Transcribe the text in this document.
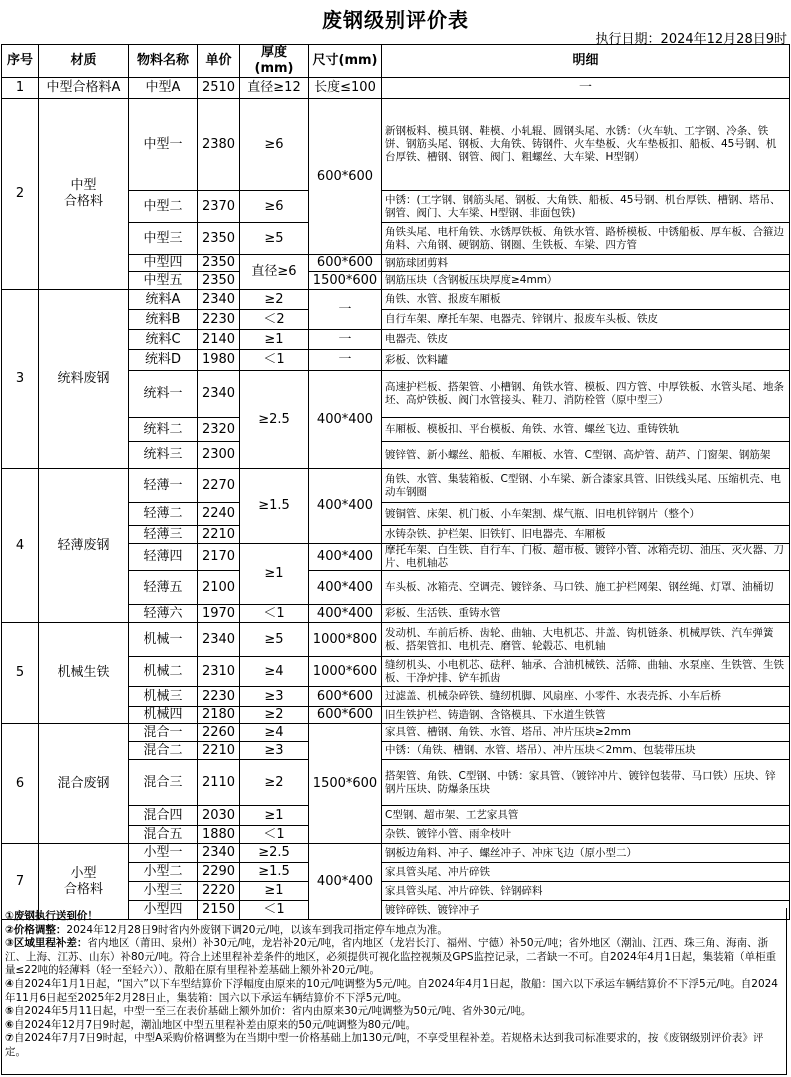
废钢级别评价表
执行日期：2024年12月28日9时
序号	材质	物料名称	单价	厚度(mm)	尺寸(mm)	明细
1	中型合格料A	中型A	2510	直径≥12	长度≤100	一
2	中型
合格料	中型一	2380	≥6	600*600	新钢板料、模具钢、鞋模、小轧辊、圆钢头尾、水锈：（火车轨、工字钢、冷条、铁饼、钢筋头尾、钢板、大角铁、铸钢件、火车垫板、火车垫板扣、船板、45号钢、机台厚铁、槽钢、钢管、阀门、粗螺丝、大车梁、H型钢）
		中型二	2370	≥6		中锈：(工字钢、钢筋头尾、钢板、大角铁、船板、45号钢、机台厚铁、槽钢、塔吊、钢管、阀门、大车梁、H型钢、非面包铁)
		中型三	2350	≥5		角铁头尾、电杆角铁、水锈厚铁板、角铁水管、路桥模板、中锈船板、厚车板、合箍边角料、六角钢、硬钢筋、钢圈、生铁板、车梁、四方管
		中型四	2350	直径≥6	600*600	钢筋球团剪料
		中型五	2350		1500*600	钢筋压块（含钢板压块厚度≥4mm）
3	统料废钢	统料A	2340	≥2	一	角铁、水管、报废车厢板
		统料B	2230	＜2		自行车架、摩托车架、电器壳、锌钢片、报废车头板、铁皮
		统料C	2140	≥1	一	电器壳、铁皮
		统料D	1980	＜1	一	彩板、饮料罐
		统料一	2340	≥2.5	400*400	高速护栏板、搭架管、小槽钢、角铁水管、模板、四方管、中厚铁板、水管头尾、地条坯、高炉铁板、阀门水管接头、鞋刀、消防栓管（原中型三）

		统料二	2320			车厢板、模板扣、平台模板、角铁、水管、螺丝飞边、重铸铁轨
		统料三	2300			镀锌管、新小螺丝、船板、车厢板、水管、C型钢、高炉管、葫芦、门窗架、钢筋架
4	轻薄废钢	轻薄一	2270	≥1.5	400*400	角铁、水管、集装箱板、C型钢、小车梁、新合漆家具管、旧铁线头尾、压缩机壳、电动车钢圈
		轻薄二	2240			镀铜管、床架、机门板、小车架割、煤气瓶、旧电机锌钢片（整个）
		轻薄三	2210			水铸杂铁、护栏架、旧铁钉、旧电器壳、车厢板
		轻薄四	2170	≥1	400*400	摩托车架、白生铁、自行车、门板、超市板、镀锌小管、冰箱壳切、油压、灭火器、刀片、电机轴芯
		轻薄五	2100		400*400	车头板、冰箱壳、空调壳、镀锌条、马口铁、施工护栏网架、钢丝绳、灯罩、油桶切
		轻薄六	1970	＜1	400*400	彩板、生活铁、重铸水管
5	机械生铁	机械一	2340	≥5	1000*800	发动机、车前后桥、齿轮、曲轴、大电机芯、井盖、钩机链条、机械厚铁、汽车弹簧板、搭架管扣、电机壳、磨管、轮毂芯、电机轴
		机械二	2310	≥4	1000*600	缝纫机头、小电机芯、砝秤、轴承、合油机械铁、活筛、曲轴、水泵座、生铁管、生铁板、干净炉排、铲车抓齿
		机械三	2230	≥3	600*600	过滤盖、机械杂碎铁、缝纫机脚、风扇座、小零件、水表壳拆、小车后桥
		机械四	2180	≥2	600*600	旧生铁护栏、铸造钢、含铬模具、下水道生铁管
6	混合废钢	混合一	2260	≥4	1500*600	家具管、槽钢、角铁、水管、塔吊、冲片压块≥2mm
		混合二	2210	≥3		中锈：（角铁、槽钢、水管、塔吊）、冲片压块＜2mm、包装带压块
		混合三	2110	≥2		搭架管、角铁、C型钢、中锈：家具管、（镀锌冲片、镀锌包装带、马口铁）压块、锌钢片压块、防爆条压块
		混合四	2030	≥1		C型钢、超市架、工艺家具管
		混合五	1880	＜1		杂铁、镀锌小管、雨伞枝叶
7	小型
合格料	小型一	2340	≥2.5	400*400	钢板边角料、冲子、螺丝冲子、冲床飞边（原小型二）
		小型二	2290	≥1.5		家具管头尾、冲片碎铁
		小型三	2220	≥1		家具管头尾、冲片碎铁、锌钢碎料
		小型四	2150	＜1		镀锌碎铁、镀锌冲子
①废钢执行送到价！
②价格调整：2024年12月28日9时省内外废钢下调20元/吨，以该车到我司指定停车地点为准。
③区域里程补差：省内地区（莆田、泉州）补30元/吨，龙岩补20元/吨，省内地区（龙岩长汀、福州、宁德）补50元/吨；省外地区（潮汕、江西、珠三角、海南、浙江、上海、江苏、山东）补80元/吨。符合上述里程补差条件的地区，必须提供可视化监控视频及GPS监控记录，二者缺一不可。自2024年4月1日起，集装箱（单柜重量≤22吨的轻薄料（轻一至轻六））、散船在原有里程补差基础上额外补20元/吨。
④自2024年1月1日起，“国六”以下车型结算价下浮幅度由原来的10元/吨调整为5元/吨。自2024年4月1日起，散船：国六以下承运车辆结算价不下浮5元/吨。自2024年11月6日起至2025年2月28日止，集装箱：国六以下承运车辆结算价不下浮5元/吨。
⑤自2024年5月11日起，中型一至三在表价基础上额外加价：省内由原来30元/吨调整为50元/吨、省外30元/吨。
⑥自2024年12月7日9时起，潮汕地区中型五里程补差由原来的50元/吨调整为80元/吨。
⑦自2024年7月7日9时起，中型A采购价格调整为在当期中型一价格基础上加130元/吨，不享受里程补差。若规格未达到我司标准要求的，按《废钢级别评价表》评定。
